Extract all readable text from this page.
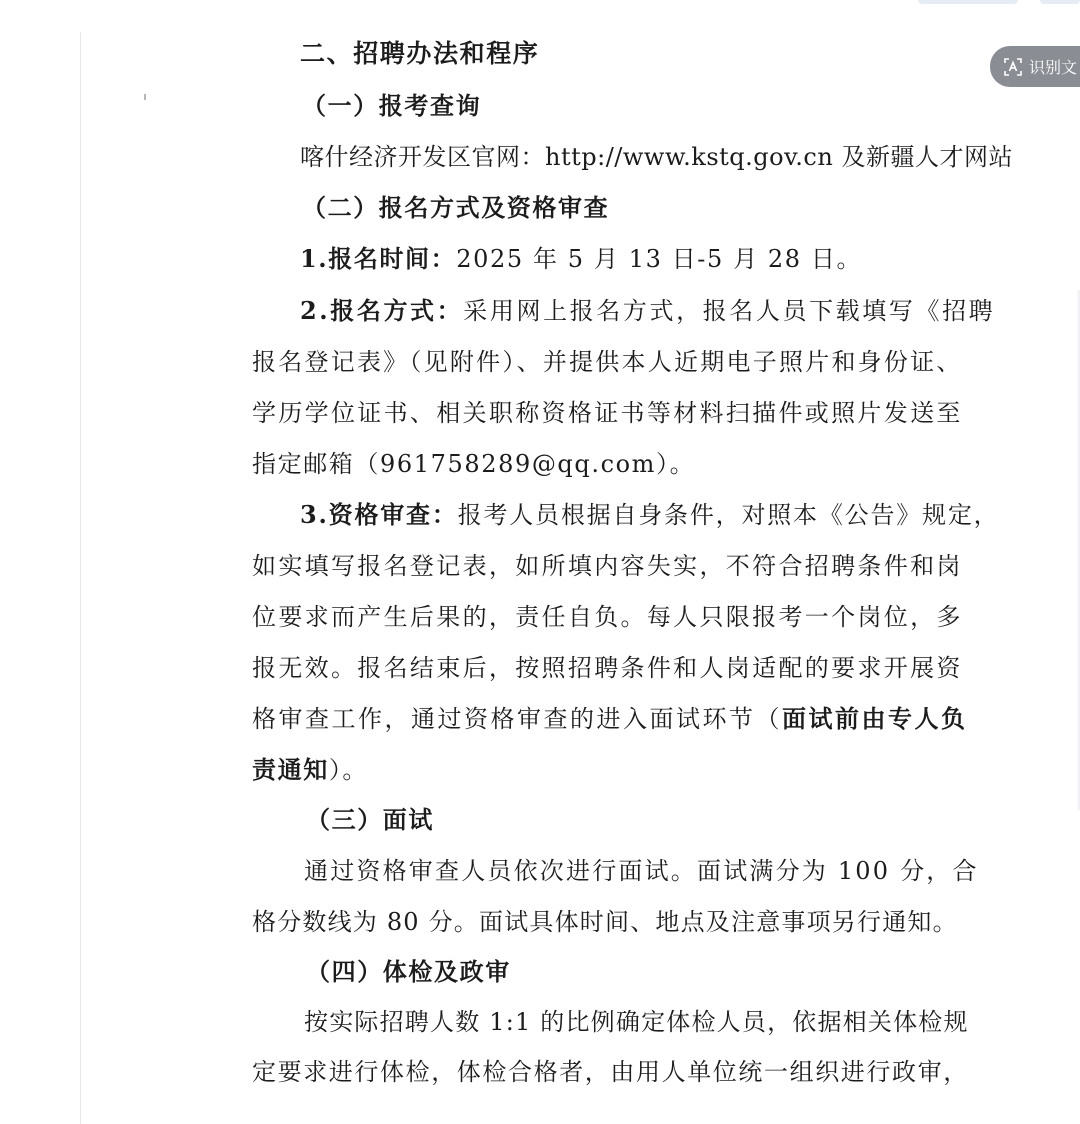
识别文
二、招聘办法和程序
（一）报考查询
喀什经济开发区官网：http://www.kstq.gov.cn 及新疆人才网站
（二）报名方式及资格审查
1.报名时间：2025 年 5 月 13 日-5 月 28 日。
2.报名方式：采用网上报名方式，报名人员下载填写《招聘
报名登记表》（见附件）、并提供本人近期电子照片和身份证、
学历学位证书、相关职称资格证书等材料扫描件或照片发送至
指定邮箱（961758289@qq.com）。
3.资格审查：报考人员根据自身条件，对照本《公告》规定，
如实填写报名登记表，如所填内容失实，不符合招聘条件和岗
位要求而产生后果的，责任自负。每人只限报考一个岗位，多
报无效。报名结束后，按照招聘条件和人岗适配的要求开展资
格审查工作，通过资格审查的进入面试环节（面试前由专人负
责通知）。
（三）面试
通过资格审查人员依次进行面试。面试满分为 100 分，合
格分数线为 80 分。面试具体时间、地点及注意事项另行通知。
（四）体检及政审
按实际招聘人数 1:1 的比例确定体检人员，依据相关体检规
定要求进行体检，体检合格者，由用人单位统一组织进行政审，
